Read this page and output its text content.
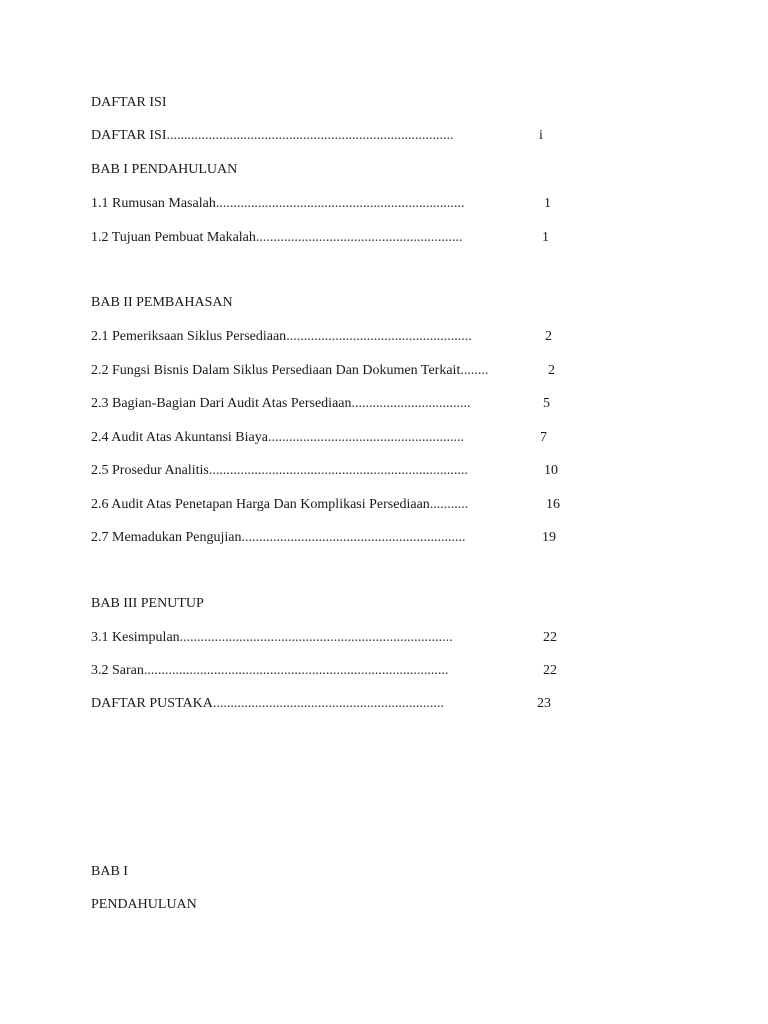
DAFTAR ISI
DAFTAR ISI..................................................................................	i
BAB I PENDAHULUAN
1.1 Rumusan Masalah.......................................................................	1
1.2 Tujuan Pembuat Makalah...........................................................	1
BAB II PEMBAHASAN
2.1 Pemeriksaan Siklus Persediaan.....................................................	2
2.2 Fungsi Bisnis Dalam Siklus Persediaan Dan Dokumen Terkait........	2
2.3 Bagian-Bagian Dari Audit Atas Persediaan..................................	5
2.4 Audit Atas Akuntansi Biaya........................................................	7
2.5 Prosedur Analitis..........................................................................	10
2.6 Audit Atas Penetapan Harga Dan Komplikasi Persediaan...........	16
2.7 Memadukan Pengujian................................................................	19
BAB III PENUTUP
3.1 Kesimpulan..............................................................................	22
3.2 Saran.......................................................................................	22
DAFTAR PUSTAKA..................................................................	23
BAB I
PENDAHULUAN
